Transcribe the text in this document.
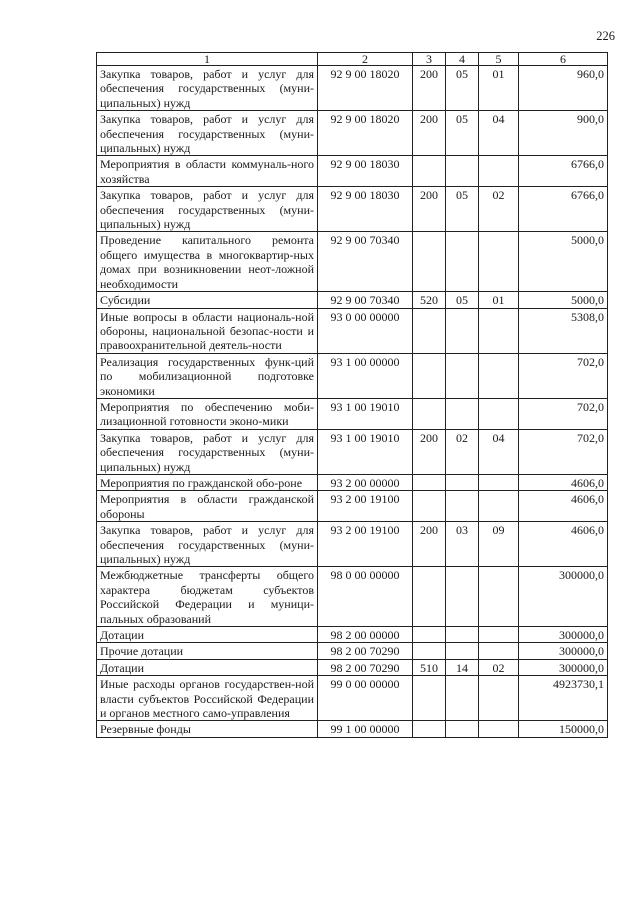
226
1	2	3	4	5	6
Закупка товаров, работ и услуг для обеспечения государственных (муни-ципальных) нужд	92 9 00 18020	200	05	01	960,0
Закупка товаров, работ и услуг для обеспечения государственных (муни-ципальных) нужд	92 9 00 18020	200	05	04	900,0
Мероприятия в области коммуналь-ного хозяйства	92 9 00 18030				6766,0
Закупка товаров, работ и услуг для обеспечения государственных (муни-ципальных) нужд	92 9 00 18030	200	05	02	6766,0
Проведение капитального ремонта общего имущества в многоквартир-ных домах при возникновении неот-ложной необходимости	92 9 00 70340				5000,0
Субсидии	92 9 00 70340	520	05	01	5000,0
Иные вопросы в области националь-ной обороны, национальной безопас-ности и правоохранительной деятель-ности	93 0 00 00000				5308,0
Реализация государственных функ-ций по мобилизационной подготовке экономики	93 1 00 00000				702,0
Мероприятия по обеспечению моби-лизационной готовности эконо-мики	93 1 00 19010				702,0
Закупка товаров, работ и услуг для обеспечения государственных (муни-ципальных) нужд	93 1 00 19010	200	02	04	702,0
Мероприятия по гражданской обо-роне	93 2 00 00000				4606,0
Мероприятия в области гражданской обороны	93 2 00 19100				4606,0
Закупка товаров, работ и услуг для обеспечения государственных (муни-ципальных) нужд	93 2 00 19100	200	03	09	4606,0
Межбюджетные трансферты общего характера бюджетам субъектов Российской Федерации и муници-пальных образований	98 0 00 00000				300000,0
Дотации	98 2 00 00000				300000,0
Прочие дотации	98 2 00 70290				300000,0
Дотации	98 2 00 70290	510	14	02	300000,0
Иные расходы органов государствен-ной власти субъектов Российской Федерации и органов местного само-управления	99 0 00 00000				4923730,1
Резервные фонды	99 1 00 00000				150000,0
